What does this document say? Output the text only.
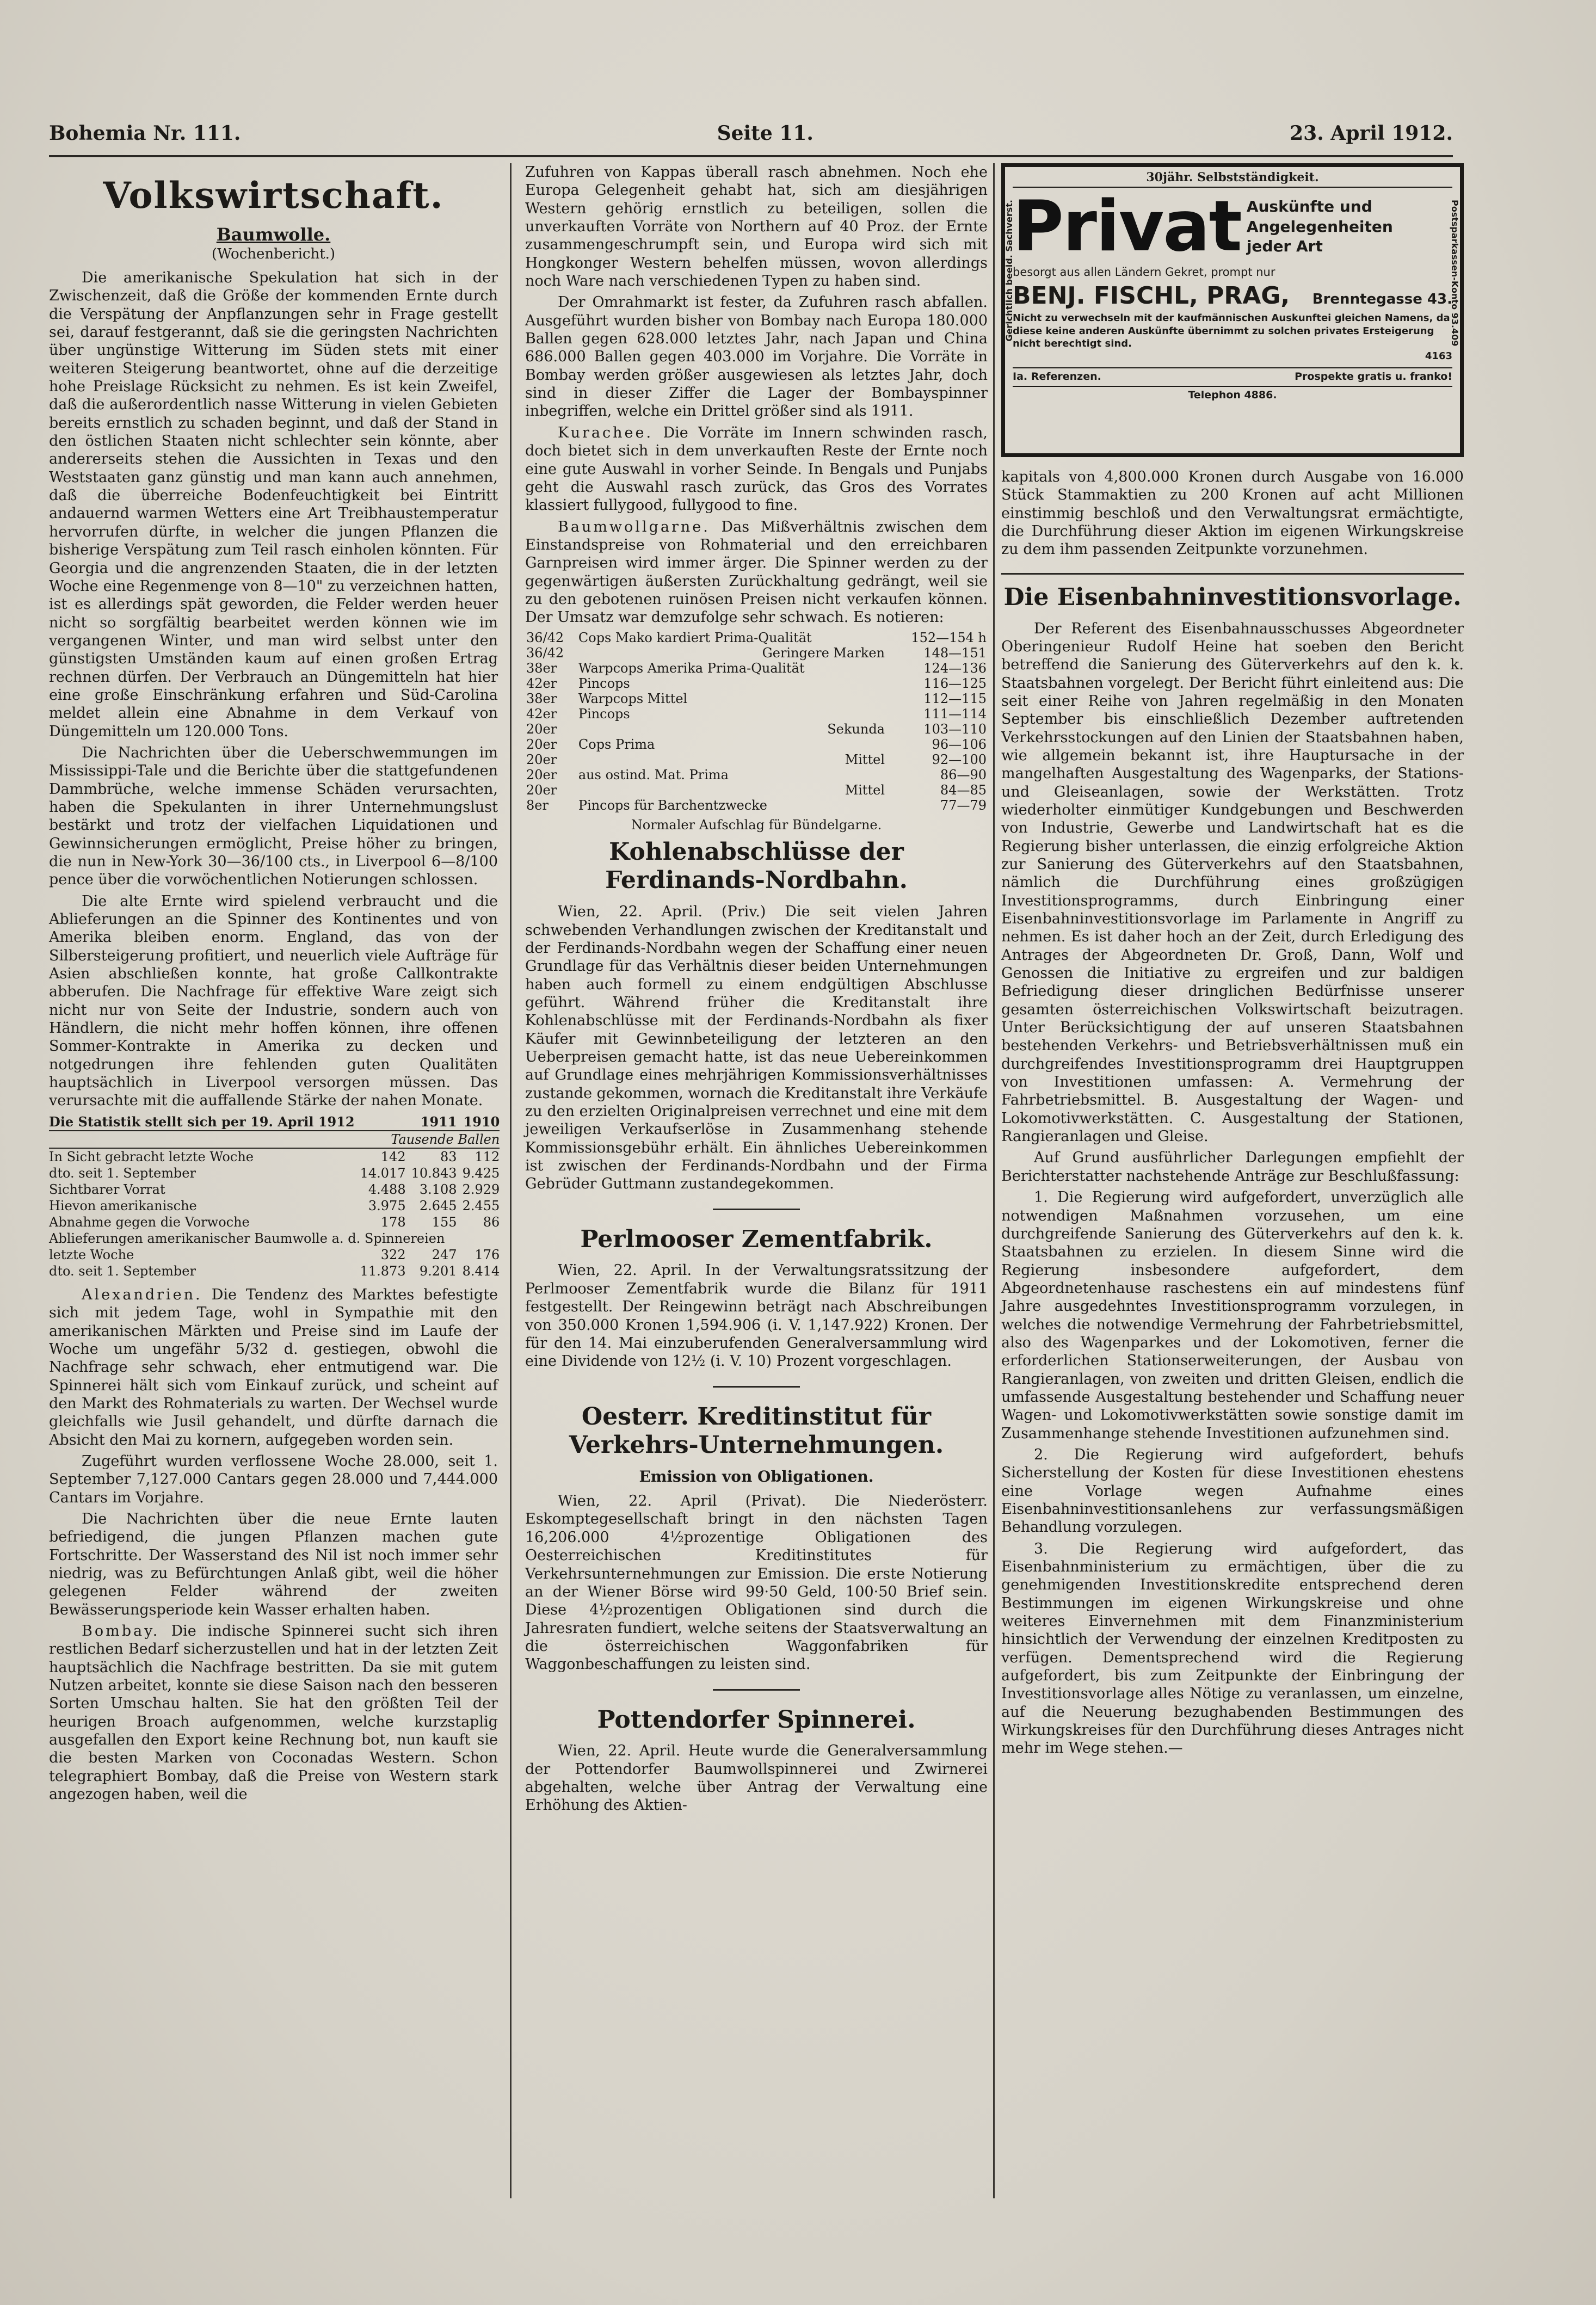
Bohemia Nr. 111.	Seite 11.	23. April 1912.
Volkswirtschaft.
Baumwolle.
(Wochenbericht.)

Die amerikanische Spekulation hat sich in der Zwischenzeit, daß die Größe der kommenden Ernte durch die Verspätung der Anpflanzungen sehr in Frage gestellt sei, darauf festgerannt, daß sie die geringsten Nachrichten über ungünstige Witterung im Süden stets mit einer weiteren Steigerung beantwortet, ohne auf die derzeitige hohe Preislage Rücksicht zu nehmen. Es ist kein Zweifel, daß die außerordentlich nasse Witterung in vielen Gebieten bereits ernstlich zu schaden beginnt, und daß der Stand in den östlichen Staaten nicht schlechter sein könnte, aber andererseits stehen die Aussichten in Texas und den Weststaaten ganz günstig und man kann auch annehmen, daß die überreiche Bodenfeuchtigkeit bei Eintritt andauernd warmen Wetters eine Art Treibhaustemperatur hervorrufen dürfte, in welcher die jungen Pflanzen die bisherige Verspätung zum Teil rasch einholen könnten. Für Georgia und die angrenzenden Staaten, die in der letzten Woche eine Regenmenge von 8—10" zu verzeichnen hatten, ist es allerdings spät geworden, die Felder werden heuer nicht so sorgfältig bearbeitet werden können wie im vergangenen Winter, und man wird selbst unter den günstigsten Umständen kaum auf einen großen Ertrag rechnen dürfen. Der Verbrauch an Düngemitteln hat hier eine große Einschränkung erfahren und Süd-Carolina meldet allein eine Abnahme in dem Verkauf von Düngemitteln um 120.000 Tons.

Die Nachrichten über die Ueberschwemmungen im Mississippi-Tale und die Berichte über die stattgefundenen Dammbrüche, welche immense Schäden verursachten, haben die Spekulanten in ihrer Unternehmungslust bestärkt und trotz der vielfachen Liquidationen und Gewinnsicherungen ermöglicht, Preise höher zu bringen, die nun in New-York 30—36/100 cts., in Liverpool 6—8/100 pence über die vorwöchentlichen Notierungen schlossen.

Die alte Ernte wird spielend verbraucht und die Ablieferungen an die Spinner des Kontinentes und von Amerika bleiben enorm. England, das von der Silbersteigerung profitiert, und neuerlich viele Aufträge für Asien abschließen konnte, hat große Callkontrakte abberufen. Die Nachfrage für effektive Ware zeigt sich nicht nur von Seite der Industrie, sondern auch von Händlern, die nicht mehr hoffen können, ihre offenen Sommer-Kontrakte in Amerika zu decken und notgedrungen ihre fehlenden guten Qualitäten hauptsächlich in Liverpool versorgen müssen. Das verursachte mit die auffallende Stärke der nahen Monate.

Die Statistik stellt sich per 19. April 1912		1911	1910
	Tausende Ballen		
In Sicht gebracht letzte Woche	142	83	112
dto. seit 1. September	14.017	10.843	9.425
Sichtbarer Vorrat	4.488	3.108	2.929
Hievon amerikanische	3.975	2.645	2.455
Abnahme gegen die Vorwoche	178	155	86
Ablieferungen amerikanischer Baumwolle a. d. Spinnereien			
letzte Woche	322	247	176
dto. seit 1. September	11.873	9.201	8.414

Alexandrien. Die Tendenz des Marktes befestigte sich mit jedem Tage, wohl in Sympathie mit den amerikanischen Märkten und Preise sind im Laufe der Woche um ungefähr 5/32 d. gestiegen, obwohl die Nachfrage sehr schwach, eher entmutigend war. Die Spinnerei hält sich vom Einkauf zurück, und scheint auf den Markt des Rohmaterials zu warten. Der Wechsel wurde gleichfalls wie Jusil gehandelt, und dürfte darnach die Absicht den Mai zu kornern, aufgegeben worden sein.

Zugeführt wurden verflossene Woche 28.000, seit 1. September 7,127.000 Cantars gegen 28.000 und 7,444.000 Cantars im Vorjahre.

Die Nachrichten über die neue Ernte lauten befriedigend, die jungen Pflanzen machen gute Fortschritte. Der Wasserstand des Nil ist noch immer sehr niedrig, was zu Befürchtungen Anlaß gibt, weil die höher gelegenen Felder während der zweiten Bewässerungsperiode kein Wasser erhalten haben.

Bombay. Die indische Spinnerei sucht sich ihren restlichen Bedarf sicherzustellen und hat in der letzten Zeit hauptsächlich die Nachfrage bestritten. Da sie mit gutem Nutzen arbeitet, konnte sie diese Saison nach den besseren Sorten Umschau halten. Sie hat den größten Teil der heurigen Broach aufgenommen, welche kurzstaplig ausgefallen den Export keine Rechnung bot, nun kauft sie die besten Marken von Coconadas Western. Schon telegraphiert Bombay, daß die Preise von Western stark angezogen haben, weil die

Zufuhren von Kappas überall rasch abnehmen. Noch ehe Europa Gelegenheit gehabt hat, sich am diesjährigen Western gehörig ernstlich zu beteiligen, sollen die unverkauften Vorräte von Northern auf 40 Proz. der Ernte zusammengeschrumpft sein, und Europa wird sich mit Hongkonger Western behelfen müssen, wovon allerdings noch Ware nach verschiedenen Typen zu haben sind.

Der Omrahmarkt ist fester, da Zufuhren rasch abfallen. Ausgeführt wurden bisher von Bombay nach Europa 180.000 Ballen gegen 628.000 letztes Jahr, nach Japan und China 686.000 Ballen gegen 403.000 im Vorjahre. Die Vorräte in Bombay werden größer ausgewiesen als letztes Jahr, doch sind in dieser Ziffer die Lager der Bombayspinner inbegriffen, welche ein Drittel größer sind als 1911.

Kurachee. Die Vorräte im Innern schwinden rasch, doch bietet sich in dem unverkauften Reste der Ernte noch eine gute Auswahl in vorher Seinde. In Bengals und Punjabs geht die Auswahl rasch zurück, das Gros des Vorrates klassiert fullygood, fullygood to fine.

Baumwollgarne. Das Mißverhältnis zwischen dem Einstandspreise von Rohmaterial und den erreichbaren Garnpreisen wird immer ärger. Die Spinner werden zu der gegenwärtigen äußersten Zurückhaltung gedrängt, weil sie zu den gebotenen ruinösen Preisen nicht verkaufen können. Der Umsatz war demzufolge sehr schwach. Es notieren:

36/42	Cops Mako kardiert Prima-Qualität	152—154 h
36/42	Geringere Marken	148—151
38er	Warpcops Amerika Prima-Qualität	124—136
42er	Pincops	116—125
38er	Warpcops Mittel	112—115
42er	Pincops	111—114
20er	Sekunda	103—110
20er	Cops Prima	96—106
20er	Mittel	92—100
20er	aus ostind. Mat. Prima	86—90
20er	Mittel	84—85
8er	Pincops für Barchentzwecke	77—79
Normaler Aufschlag für Bündelgarne.
Kohlenabschlüsse der Ferdinands-Nordbahn.

Wien, 22. April. (Priv.) Die seit vielen Jahren schwebenden Verhandlungen zwischen der Kreditanstalt und der Ferdinands-Nordbahn wegen der Schaffung einer neuen Grundlage für das Verhältnis dieser beiden Unternehmungen haben auch formell zu einem endgültigen Abschlusse geführt. Während früher die Kreditanstalt ihre Kohlenabschlüsse mit der Ferdinands-Nordbahn als fixer Käufer mit Gewinnbeteiligung der letzteren an den Ueberpreisen gemacht hatte, ist das neue Uebereinkommen auf Grundlage eines mehrjährigen Kommissionsverhältnisses zustande gekommen, wornach die Kreditanstalt ihre Verkäufe zu den erzielten Originalpreisen verrechnet und eine mit dem jeweiligen Verkaufserlöse in Zusammenhang stehende Kommissionsgebühr erhält. Ein ähnliches Uebereinkommen ist zwischen der Ferdinands-Nordbahn und der Firma Gebrüder Guttmann zustandegekommen.

Perlmooser Zementfabrik.

Wien, 22. April. In der Verwaltungsratssitzung der Perlmooser Zementfabrik wurde die Bilanz für 1911 festgestellt. Der Reingewinn beträgt nach Abschreibungen von 350.000 Kronen 1,594.906 (i. V. 1,147.922) Kronen. Der für den 14. Mai einzuberufenden Generalversammlung wird eine Dividende von 12½ (i. V. 10) Prozent vorgeschlagen.

Oesterr. Kreditinstitut für Verkehrs-Unternehmungen.
Emission von Obligationen.

Wien, 22. April (Privat). Die Niederösterr. Eskomptegesellschaft bringt in den nächsten Tagen 16,206.000 4½prozentige Obligationen des Oesterreichischen Kreditinstitutes für Verkehrsunternehmungen zur Emission. Die erste Notierung an der Wiener Börse wird 99·50 Geld, 100·50 Brief sein. Diese 4½prozentigen Obligationen sind durch die Jahresraten fundiert, welche seitens der Staatsverwaltung an die österreichischen Waggonfabriken für Waggonbeschaffungen zu leisten sind.

Pottendorfer Spinnerei.

Wien, 22. April. Heute wurde die Generalversammlung der Pottendorfer Baumwollspinnerei und Zwirnerei abgehalten, welche über Antrag der Verwaltung eine Erhöhung des Aktien-

Gerichtlich beeid. Sachverst.	Postsparkassen-Konto 93.409
30jähr. Selbstständigkeit.
Privat Auskünfte und
Angelegenheiten
jeder Art
besorgt aus allen Ländern Gekret, prompt nur
BENJ. FISCHL, PRAG,	Brenntegasse 43.
Nicht zu verwechseln mit der kaufmännischen Auskunftei gleichen Namens, da diese keine anderen Auskünfte übernimmt zu solchen privates Ersteigerung nicht berechtigt sind.
4163
Ia. Referenzen.	Prospekte gratis u. franko!
Telephon 4886.

kapitals von 4,800.000 Kronen durch Ausgabe von 16.000 Stück Stammaktien zu 200 Kronen auf acht Millionen einstimmig beschloß und den Verwaltungsrat ermächtigte, die Durchführung dieser Aktion im eigenen Wirkungskreise zu dem ihm passenden Zeitpunkte vorzunehmen.

Die Eisenbahninvestitionsvorlage.

Der Referent des Eisenbahnausschusses Abgeordneter Oberingenieur Rudolf Heine hat soeben den Bericht betreffend die Sanierung des Güterverkehrs auf den k. k. Staatsbahnen vorgelegt. Der Bericht führt einleitend aus: Die seit einer Reihe von Jahren regelmäßig in den Monaten September bis einschließlich Dezember auftretenden Verkehrsstockungen auf den Linien der Staatsbahnen haben, wie allgemein bekannt ist, ihre Hauptursache in der mangelhaften Ausgestaltung des Wagenparks, der Stations- und Gleiseanlagen, sowie der Werkstätten. Trotz wiederholter einmütiger Kundgebungen und Beschwerden von Industrie, Gewerbe und Landwirtschaft hat es die Regierung bisher unterlassen, die einzig erfolgreiche Aktion zur Sanierung des Güterverkehrs auf den Staatsbahnen, nämlich die Durchführung eines großzügigen Investitionsprogramms, durch Einbringung einer Eisenbahninvestitionsvorlage im Parlamente in Angriff zu nehmen. Es ist daher hoch an der Zeit, durch Erledigung des Antrages der Abgeordneten Dr. Groß, Dann, Wolf und Genossen die Initiative zu ergreifen und zur baldigen Befriedigung dieser dringlichen Bedürfnisse unserer gesamten österreichischen Volkswirtschaft beizutragen. Unter Berücksichtigung der auf unseren Staatsbahnen bestehenden Verkehrs- und Betriebsverhältnissen muß ein durchgreifendes Investitionsprogramm drei Hauptgruppen von Investitionen umfassen: A. Vermehrung der Fahrbetriebsmittel. B. Ausgestaltung der Wagen- und Lokomotivwerkstätten. C. Ausgestaltung der Stationen, Rangieranlagen und Gleise.

Auf Grund ausführlicher Darlegungen empfiehlt der Berichterstatter nachstehende Anträge zur Beschlußfassung:

1. Die Regierung wird aufgefordert, unverzüglich alle notwendigen Maßnahmen vorzusehen, um eine durchgreifende Sanierung des Güterverkehrs auf den k. k. Staatsbahnen zu erzielen. In diesem Sinne wird die Regierung insbesondere aufgefordert, dem Abgeordnetenhause raschestens ein auf mindestens fünf Jahre ausgedehntes Investitionsprogramm vorzulegen, in welches die notwendige Vermehrung der Fahrbetriebsmittel, also des Wagenparkes und der Lokomotiven, ferner die erforderlichen Stationserweiterungen, der Ausbau von Rangieranlagen, von zweiten und dritten Gleisen, endlich die umfassende Ausgestaltung bestehender und Schaffung neuer Wagen- und Lokomotivwerkstätten sowie sonstige damit im Zusammenhange stehende Investitionen aufzunehmen sind.

2. Die Regierung wird aufgefordert, behufs Sicherstellung der Kosten für diese Investitionen ehestens eine Vorlage wegen Aufnahme eines Eisenbahninvestitionsanlehens zur verfassungsmäßigen Behandlung vorzulegen.

3. Die Regierung wird aufgefordert, das Eisenbahnministerium zu ermächtigen, über die zu genehmigenden Investitionskredite entsprechend deren Bestimmungen im eigenen Wirkungskreise und ohne weiteres Einvernehmen mit dem Finanzministerium hinsichtlich der Verwendung der einzelnen Kreditposten zu verfügen. Dementsprechend wird die Regierung aufgefordert, bis zum Zeitpunkte der Einbringung der Investitionsvorlage alles Nötige zu veranlassen, um einzelne, auf die Neuerung bezughabenden Bestimmungen des Wirkungskreises für den Durchführung dieses Antrages nicht mehr im Wege stehen.—
